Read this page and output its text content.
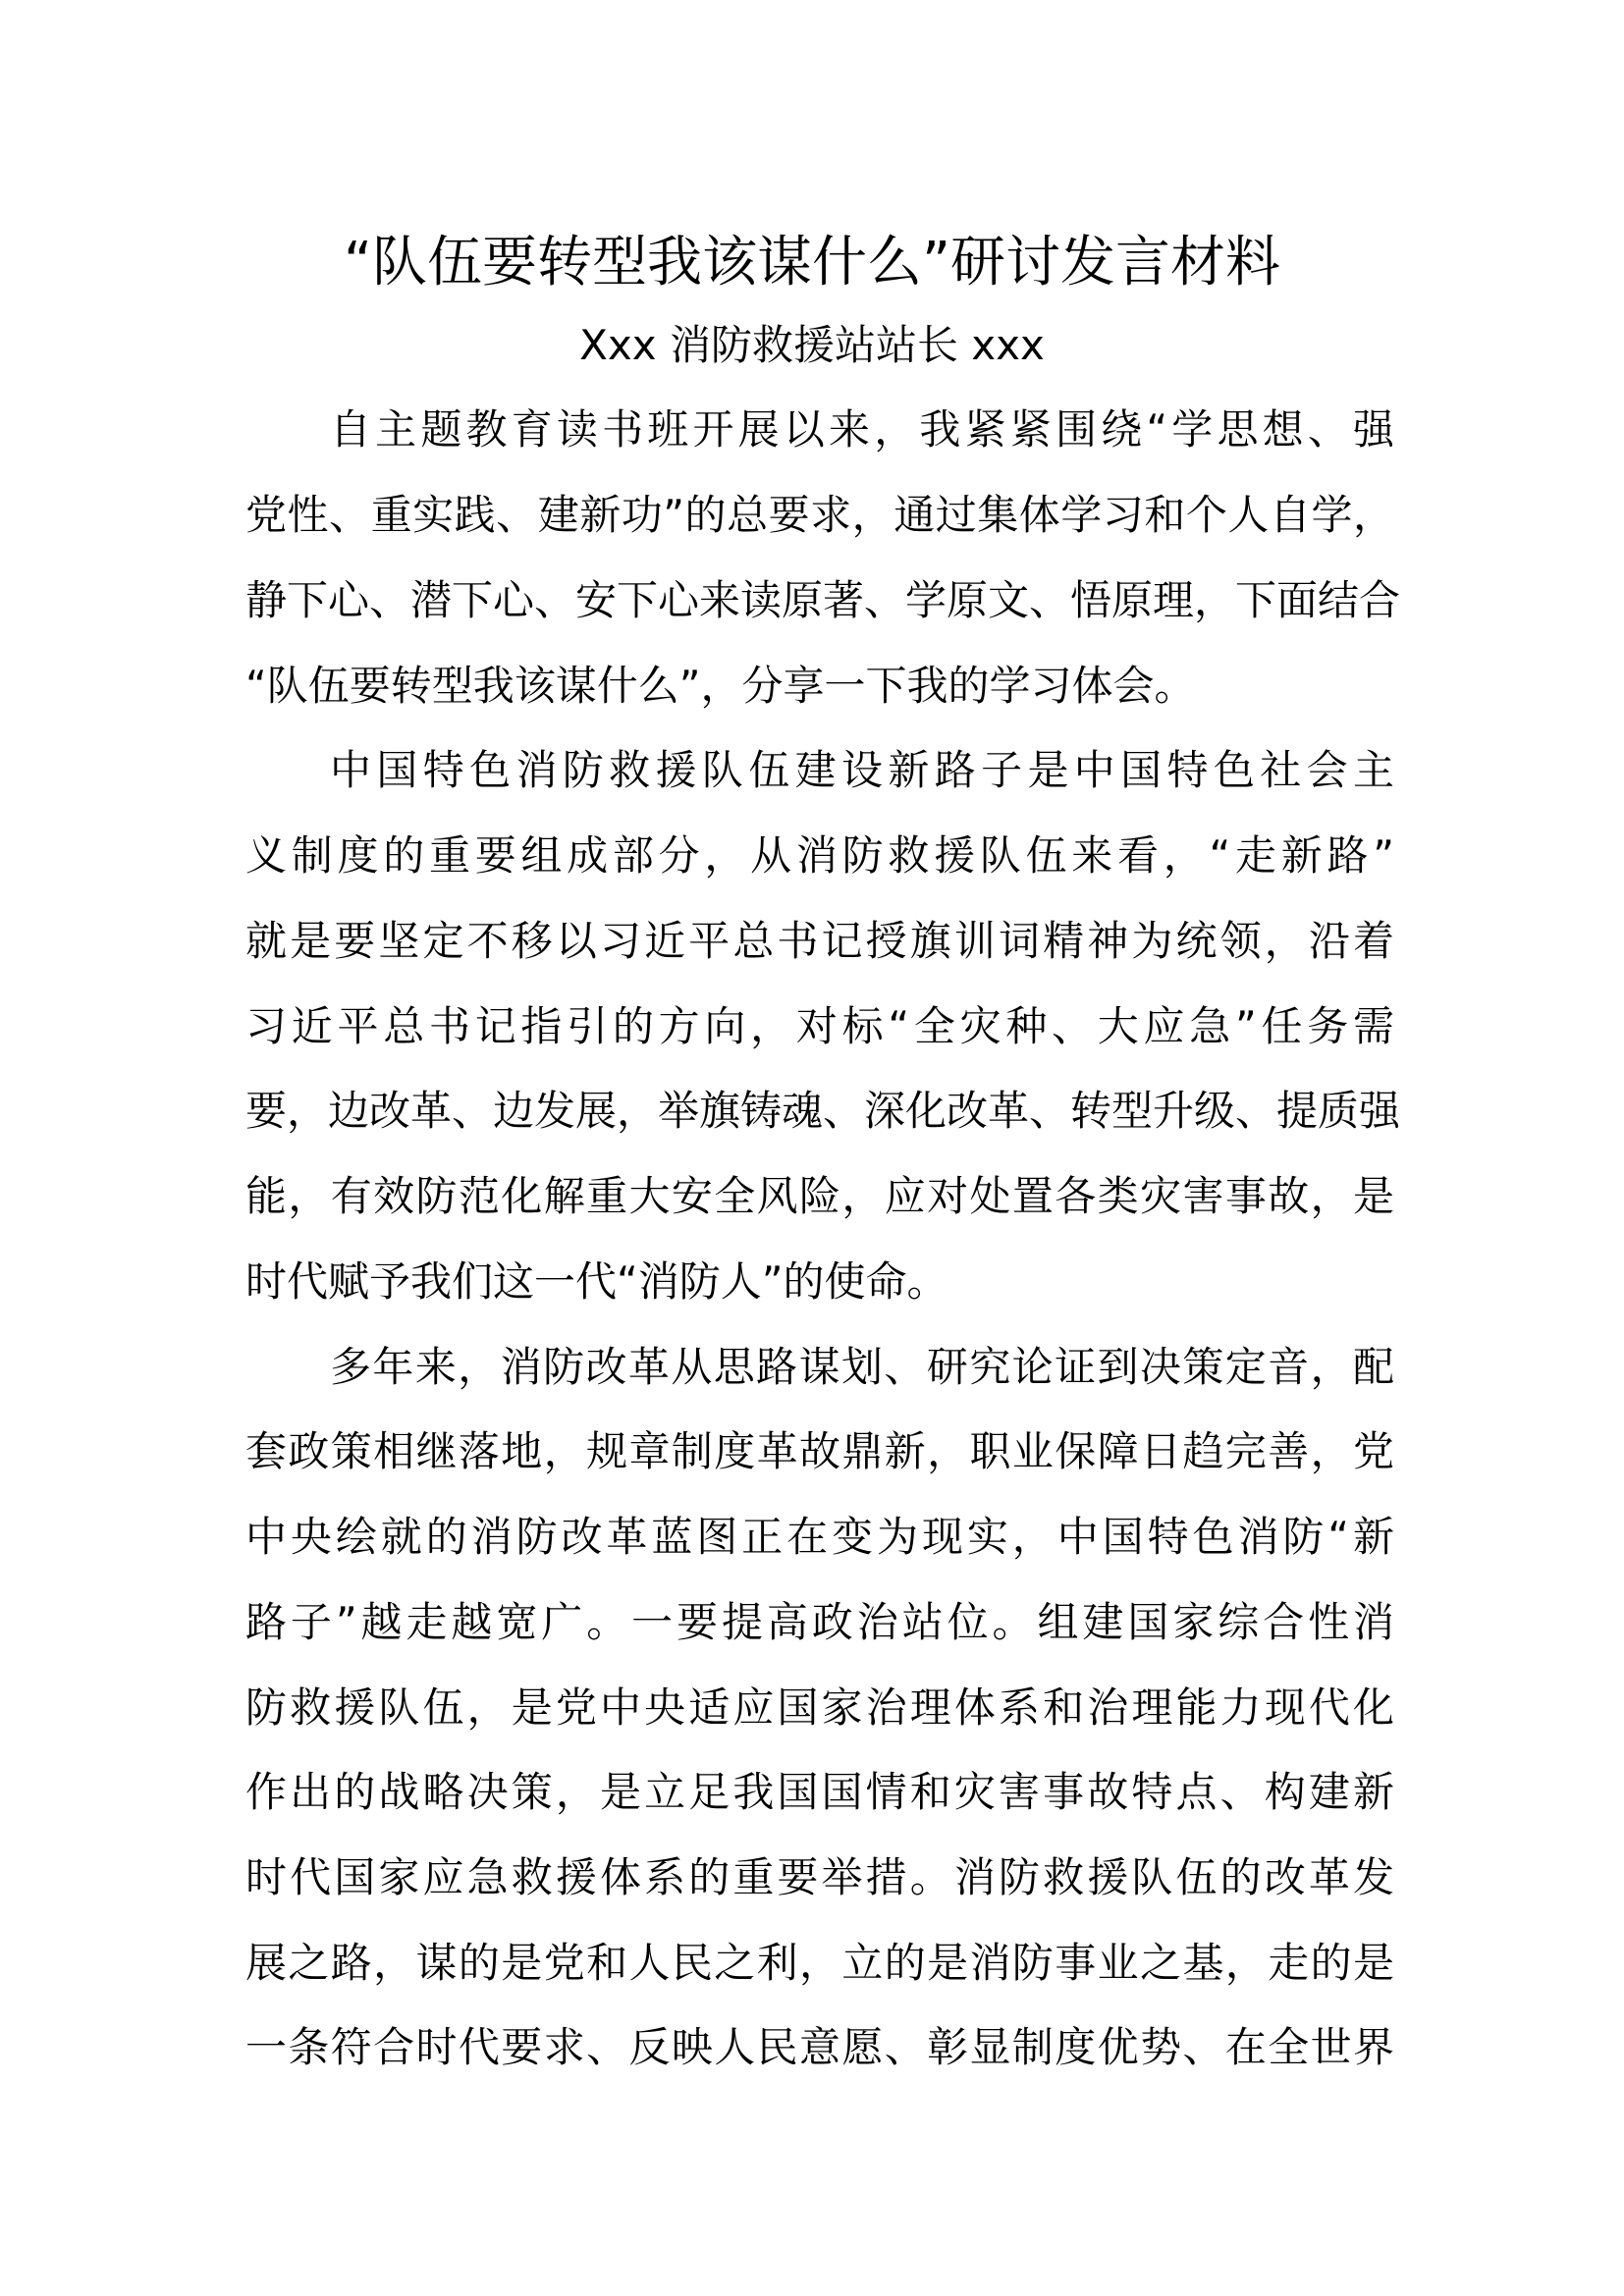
“队伍要转型我该谋什么”研讨发言材料
Xxx 消防救援站站长 xxx
自主题教育读书班开展以来，我紧紧围绕“学思想、强
党性、重实践、建新功”的总要求，通过集体学习和个人自学，
静下心、潜下心、安下心来读原著、学原文、悟原理，下面结合
“队伍要转型我该谋什么”，分享一下我的学习体会。
中国特色消防救援队伍建设新路子是中国特色社会主
义制度的重要组成部分，从消防救援队伍来看，“走新路”
就是要坚定不移以习近平总书记授旗训词精神为统领，沿着
习近平总书记指引的方向，对标“全灾种、大应急”任务需
要，边改革、边发展，举旗铸魂、深化改革、转型升级、提质强
能，有效防范化解重大安全风险，应对处置各类灾害事故，是
时代赋予我们这一代“消防人”的使命。
多年来，消防改革从思路谋划、研究论证到决策定音，配
套政策相继落地，规章制度革故鼎新，职业保障日趋完善，党
中央绘就的消防改革蓝图正在变为现实，中国特色消防“新
路子”越走越宽广。一要提高政治站位。组建国家综合性消
防救援队伍，是党中央适应国家治理体系和治理能力现代化
作出的战略决策，是立足我国国情和灾害事故特点、构建新
时代国家应急救援体系的重要举措。消防救援队伍的改革发
展之路，谋的是党和人民之利，立的是消防事业之基，走的是
一条符合时代要求、反映人民意愿、彰显制度优势、在全世界
